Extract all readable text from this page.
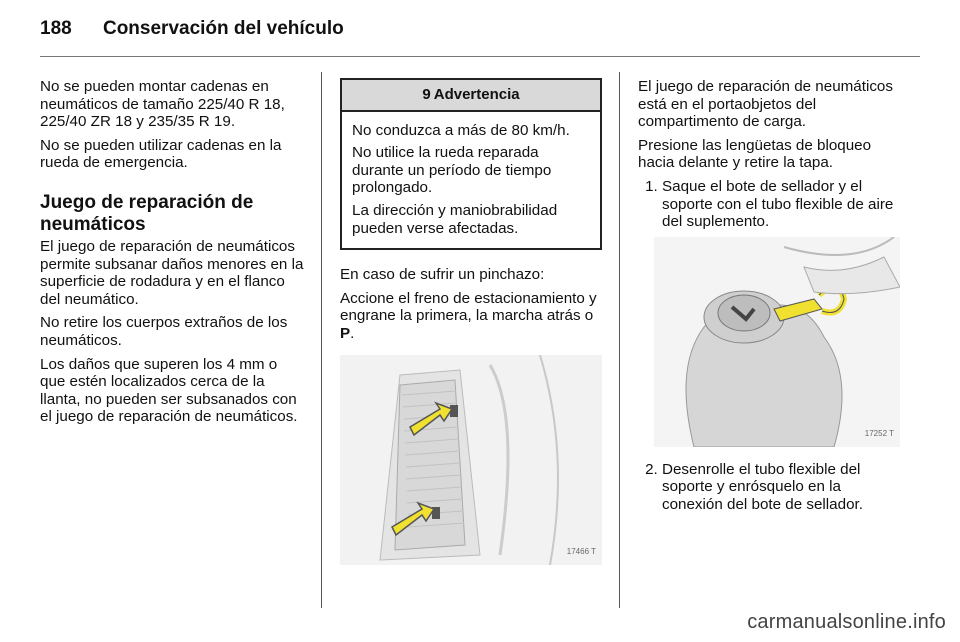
188 Conservación del vehículo

No se pueden montar cadenas en neumáticos de tamaño 225/40 R 18, 225/40 ZR 18 y 235/35 R 19.

No se pueden utilizar cadenas en la rueda de emergencia.

Juego de reparación de neumáticos

El juego de reparación de neumáticos permite subsanar daños menores en la superficie de rodadura y en el flanco del neumático.

No retire los cuerpos extraños de los neumáticos.

Los daños que superen los 4 mm o que estén localizados cerca de la llanta, no pueden ser subsanados con el juego de reparación de neumáticos.

9 Advertencia

No conduzca a más de 80 km/h.

No utilice la rueda reparada durante un período de tiempo prolongado.

La dirección y maniobrabilidad pueden verse afectadas.

En caso de sufrir un pinchazo:

Accione el freno de estacionamiento y engrane la primera, la marcha atrás o P.

17466 T

El juego de reparación de neumáticos está en el portaobjetos del compartimento de carga.

Presione las lengüetas de bloqueo hacia delante y retire la tapa.

1. Saque el bote de sellador y el soporte con el tubo flexible de aire del suplemento.
17252 T
2. Desenrolle el tubo flexible del soporte y enrósquelo en la conexión del bote de sellador.
carmanualsonline.info
